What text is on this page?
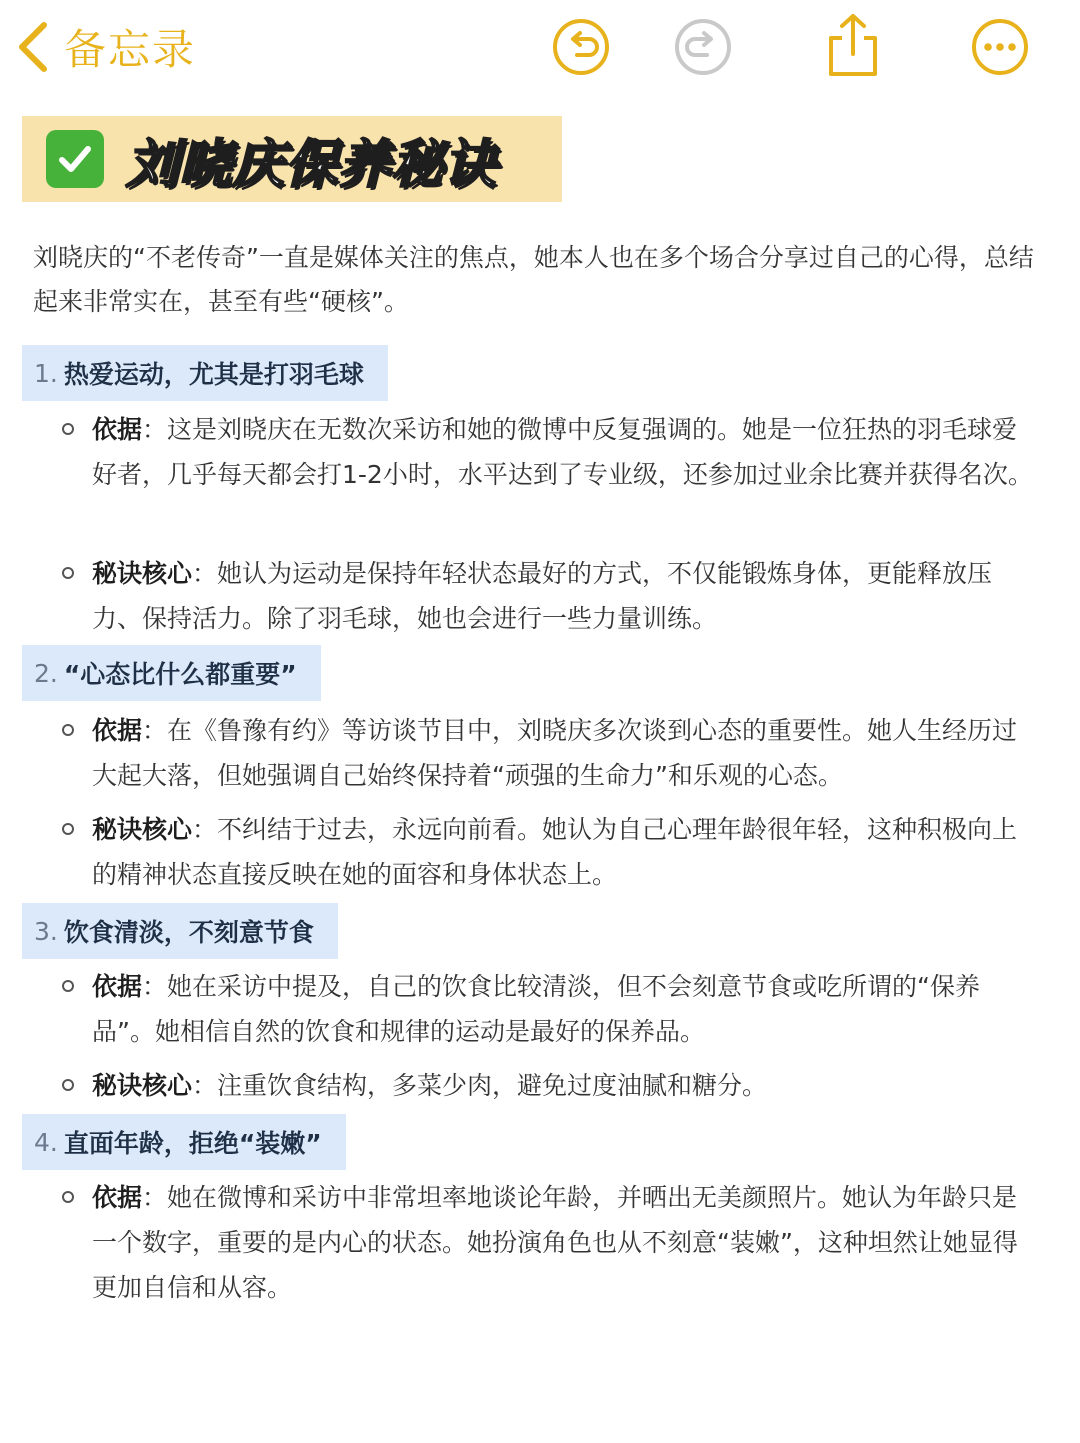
备忘录
刘晓庆保养秘诀
刘晓庆的“不老传奇”一直是媒体关注的焦点，她本人也在多个场合分享过自己的心得，总结起来非常实在，甚至有些“硬核”。
1. 热爱运动，尤其是打羽毛球
依据：这是刘晓庆在无数次采访和她的微博中反复强调的。她是一位狂热的羽毛球爱好者，几乎每天都会打1-2小时，水平达到了专业级，还参加过业余比赛并获得名次。
秘诀核心：她认为运动是保持年轻状态最好的方式，不仅能锻炼身体，更能释放压力、保持活力。除了羽毛球，她也会进行一些力量训练。
2. “心态比什么都重要”
依据：在《鲁豫有约》等访谈节目中，刘晓庆多次谈到心态的重要性。她人生经历过大起大落，但她强调自己始终保持着“顽强的生命力”和乐观的心态。
秘诀核心：不纠结于过去，永远向前看。她认为自己心理年龄很年轻，这种积极向上的精神状态直接反映在她的面容和身体状态上。
3. 饮食清淡，不刻意节食
依据：她在采访中提及，自己的饮食比较清淡，但不会刻意节食或吃所谓的“保养品”。她相信自然的饮食和规律的运动是最好的保养品。
秘诀核心：注重饮食结构，多菜少肉，避免过度油腻和糖分。
4. 直面年龄，拒绝“装嫩”
依据：她在微博和采访中非常坦率地谈论年龄，并晒出无美颜照片。她认为年龄只是一个数字，重要的是内心的状态。她扮演角色也从不刻意“装嫩”，这种坦然让她显得更加自信和从容。
